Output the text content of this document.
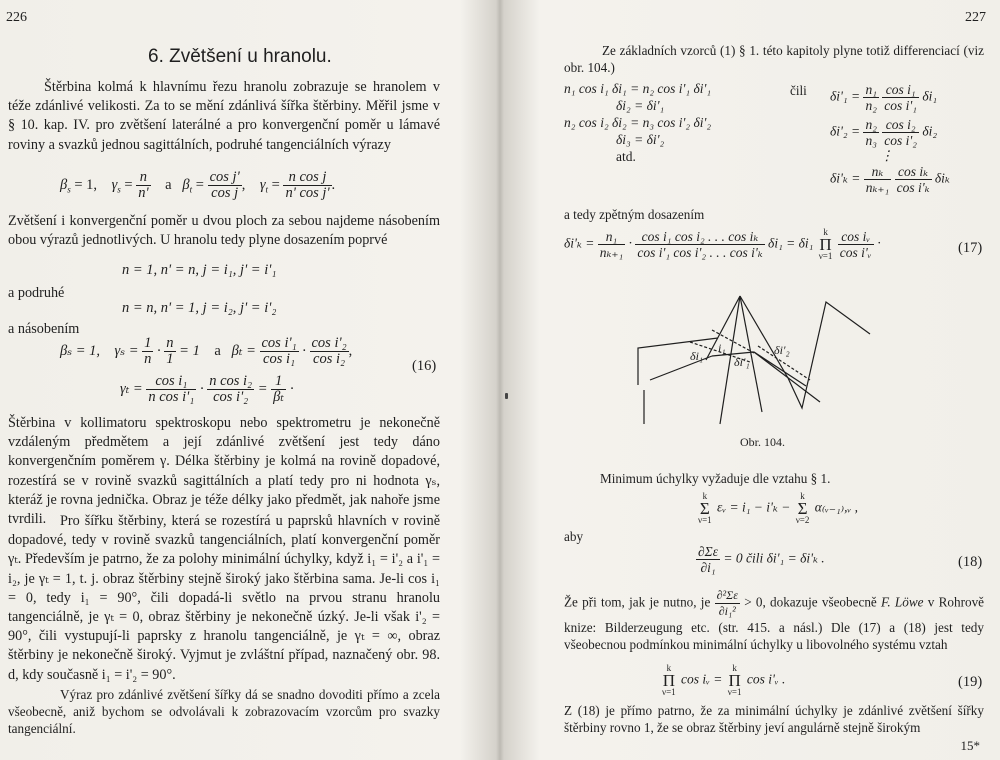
226
6. Zvětšení u hranolu.
Štěrbina kolmá k hlavnímu řezu hranolu zobrazuje se hranolem v téže zdánlivé velikosti. Za to se mění zdánlivá šířka štěrbiny. Měřil jsme v § 10. kap. IV. pro zvětšení laterálné a pro konvergenční poměr u lámavé roviny a svazků jednou sagittálních, podruhé tangenciálních výrazy
$\beta_s = 1$, $\gamma_s = \frac{n}{n'}$ a $\beta_t = \frac{\text{cos j'}}{\text{cos j}}$ , $\gamma_t = \frac{\text{n cos j}}{\text{n' cos j'}}$ .
Zvětšení i konvergenční poměr u dvou ploch za sebou najdeme násobením obou výrazů jednotlivých. U hranolu tedy plyne dosazením poprvé
n = 1, n' = n, j = i₁, j' = i'₁
a podruhé
n = n, n' = 1, j = i₂, j' = i'₂
a násobením
βₛ = 1, $\gamma_s = \frac{1}{n} \cdot \frac{n}{1} = 1$ a $\beta_t = \frac{\text{cos i'₁}}{\text{cos i₁}} \cdot \frac{\text{cos i'₂}}{\text{cos i₂}}$ ,
$\gamma_t = \frac{\text{cos i₁}}{\text{n cos i'₁}} \cdot \frac{\text{n cos i₂}}{\text{cos i'₂}} = \frac{1}{\text{βₜ}}$ ·
(16)
Štěrbina v kollimatoru spektroskopu nebo spektrometru je nekonečně vzdáleným předmětem a její zdánlivé zvětšení jest tedy dáno konvergenčním poměrem γ. Délka štěrbiny je kolmá na rovině dopadové, rozestírá se v rovině svazků sagittálních a platí tedy pro ni hodnota γₛ, kteráž je rovna jednička. Obraz je téže délky jako předmět, jak nahoře jsme tvrdili. Pro šířku štěrbiny, která se rozestírá u paprsků hlavních v rovině dopadové, tedy v rovině svazků tangenciálních, platí konvergenční poměr γₜ. Především je patrno, že za polohy minimální úchylky, když i₁ = i'₂ a i'₁ = i₂, je γₜ = 1, t. j. obraz štěrbiny stejně široký jako štěrbina sama. Je-li cos i₁ = 0, tedy i₁ = 90°, čili dopadá-li světlo na prvou stranu hranolu tangenciálně, je γₜ = 0, obraz štěrbiny je nekonečně úzký. Je-li však i'₂ = 90°, čili vystupují-li paprsky z hranolu tangenciálně, je γₜ = ∞, obraz štěrbiny je nekonečně široký. Vyjmut je zvláštní případ, naznačený obr. 98. d, kdy současně i₁ = i'₂ = 90°.
Výraz pro zdánlivé zvětšení šířky dá se snadno dovoditi přímo a zcela všeobecně, aniž bychom se odvolávali k zobrazovacím vzorcům pro svazky tangenciální.
227
Ze základních vzorců (1) § 1. této kapitoly plyne totiž differenciací (viz obr. 104.)
n₁ cos i₁ δi₁ = n₂ cos i'₁ δi'₁
δi₂ = δi'₁
n₂ cos i₂ δi₂ = n₃ cos i'₂ δi'₂
δi₃ = δi'₂
atd.
čili $\delta i'_1 = \frac{\text{n₁}}{\text{n₂}}$
$\frac{\text{cos i₁}}{\text{cos i'₁}} \delta i_1$
$\delta i'_2 = \frac{\text{n₂}}{\text{n₃}}$
$\frac{\text{cos i₂}}{\text{cos i'₂}} \delta i_2$
⋮
$\delta i'_k = \frac{\text{nₖ}}{\text{nₖ₊₁}}$
$\frac{\text{cos iₖ}}{\text{cos i'ₖ}}$ δiₖ
a tedy zpětným dosazením
$\delta i'_k = \frac{\text{n₁}}{\text{nₖ₊₁}} \cdot \frac{\text{cos i₁ cos i₂ . . . cos iₖ}}{\text{cos i'₁ cos i'₂ . . . cos i'ₖ}} \delta i_1 = \delta i_1$
k
Π
ν=1
$\frac{\text{cos iᵥ}}{\text{cos i'ᵥ}}$ ·	(17)
δi₁
i₁
δi'₁
δi'₂
Obr. 104.
Minimum úchylky vyžaduje dle vztahu § 1.
k
Σ
ν=1
εᵥ = i₁ − i'ₖ −
k
Σ
ν=2
α₍ᵥ₋₁₎,ᵥ ,
aby
$\frac{\partial\Sigma\varepsilon}{\text{∂i₁}} = 0$ čili δi'₁ = δi'ₖ .	(18)
Že při tom, jak je nutno, je $\frac{\text{∂²Σε}}{\text{∂i₁²}} > 0$, dokazuje všeobecně F. Löwe v Rohrově knize: Bilderzeugung etc. (str. 415. a násl.) Dle (17) a (18) jest tedy všeobecnou podmínkou minimální úchylky u libovolného systému vztah
k
Π
ν=1
cos iᵥ =
k
Π
ν=1
cos i'ᵥ .	(19)
Z (18) je přímo patrno, že za minimální úchylky je zdánlivé zvětšení šířky štěrbiny rovno 1, že se obraz štěrbiny jeví angulárně stejně širokým
15*
